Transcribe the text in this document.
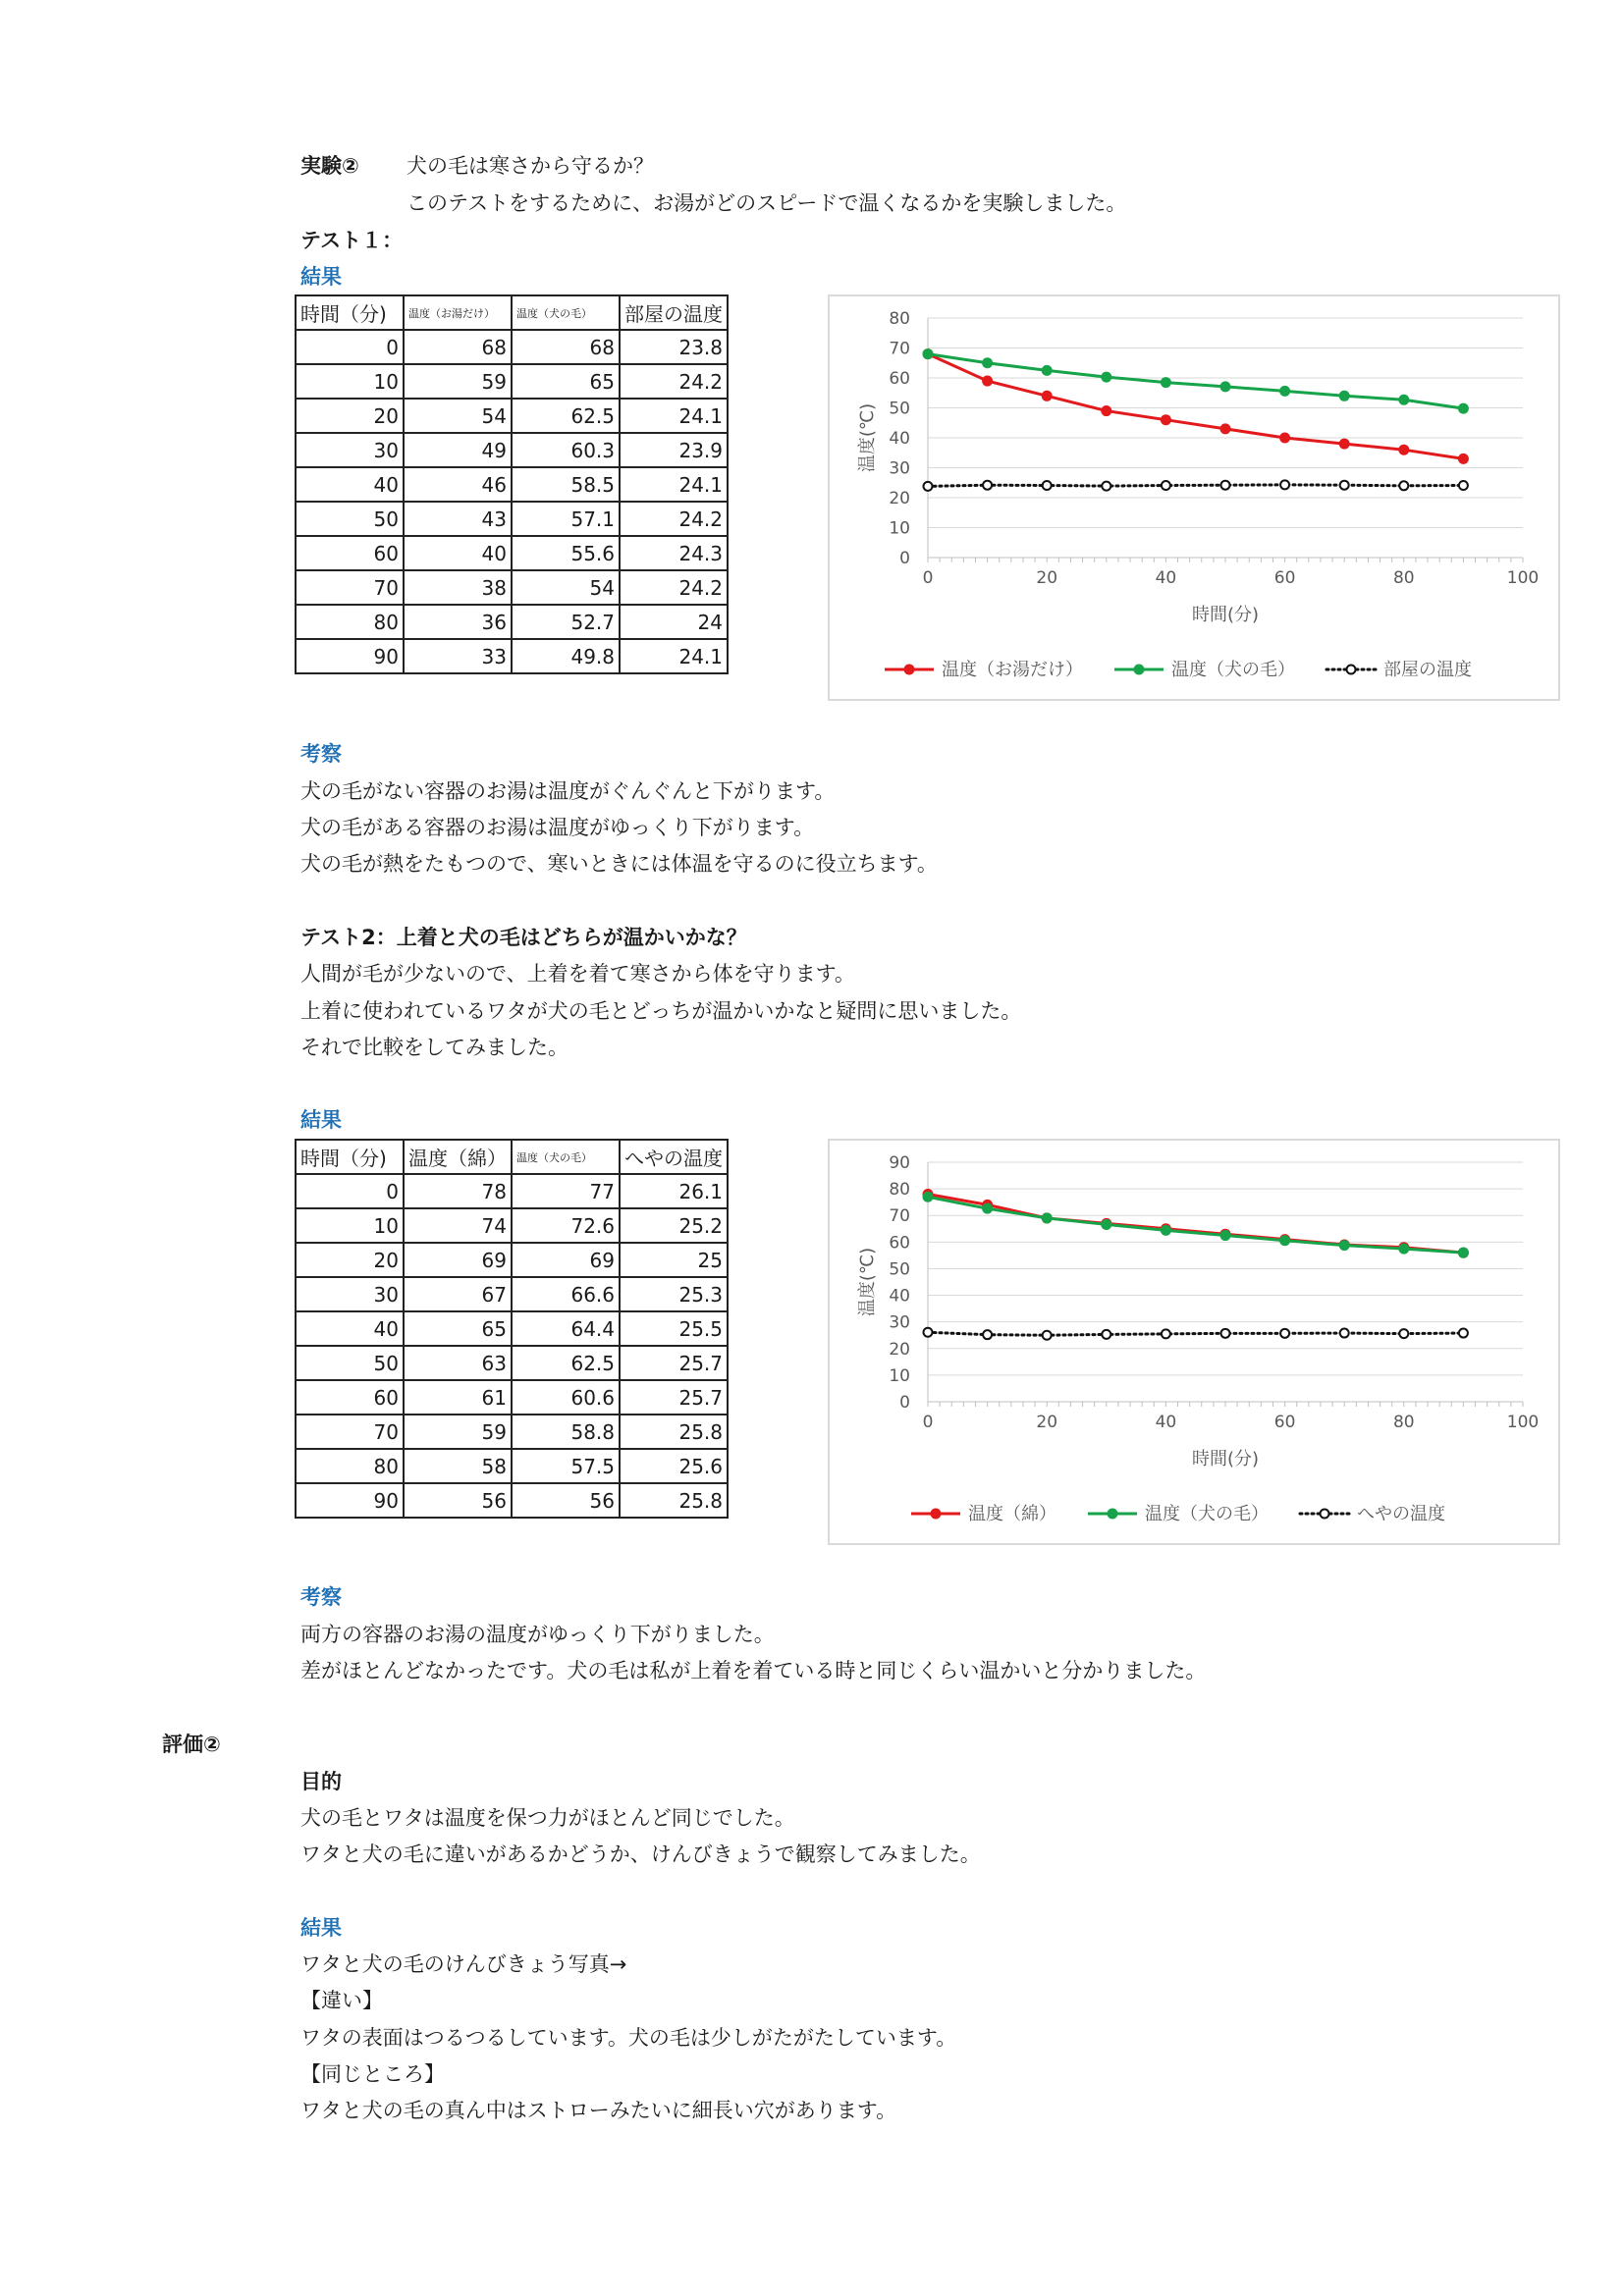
実験② 犬の毛は寒さから守るか？
このテストをするために、お湯がどのスピードで温くなるかを実験しました。
テスト１：
結果
時間（分)	温度（お湯だけ）	温度（犬の毛）	部屋の温度
0	68	68	23.8
10	59	65	24.2
20	54	62.5	24.1
30	49	60.3	23.9
40	46	58.5	24.1
50	43	57.1	24.2
60	40	55.6	24.3
70	38	54	24.2
80	36	52.7	24
90	33	49.8	24.1
0
10
20
30
40
50
60
70
80
0	20	40	60	80	100
時間(分)
温度(℃)
温度（お湯だけ）	温度（犬の毛）	部屋の温度
考察
犬の毛がない容器のお湯は温度がぐんぐんと下がります。
犬の毛がある容器のお湯は温度がゆっくり下がります。
犬の毛が熱をたもつので、寒いときには体温を守るのに役立ちます。
テスト2：上着と犬の毛はどちらが温かいかな？
人間が毛が少ないので、上着を着て寒さから体を守ります。
上着に使われているワタが犬の毛とどっちが温かいかなと疑問に思いました。
それで比較をしてみました。
結果
時間（分)	温度（綿）	温度（犬の毛）	へやの温度
0	78	77	26.1
10	74	72.6	25.2
20	69	69	25
30	67	66.6	25.3
40	65	64.4	25.5
50	63	62.5	25.7
60	61	60.6	25.7
70	59	58.8	25.8
80	58	57.5	25.6
90	56	56	25.8
0
10
20
30
40
50
60
70
80
90
0	20	40	60	80	100
時間(分)
温度(℃)
温度（綿）	温度（犬の毛）	へやの温度
考察
両方の容器のお湯の温度がゆっくり下がりました。
差がほとんどなかったです。犬の毛は私が上着を着ている時と同じくらい温かいと分かりました。
評価②
目的
犬の毛とワタは温度を保つ力がほとんど同じでした。
ワタと犬の毛に違いがあるかどうか、けんびきょうで観察してみました。
結果
ワタと犬の毛のけんびきょう写真→
【違い】
ワタの表面はつるつるしています。犬の毛は少しがたがたしています。
【同じところ】
ワタと犬の毛の真ん中はストローみたいに細長い穴があります。
